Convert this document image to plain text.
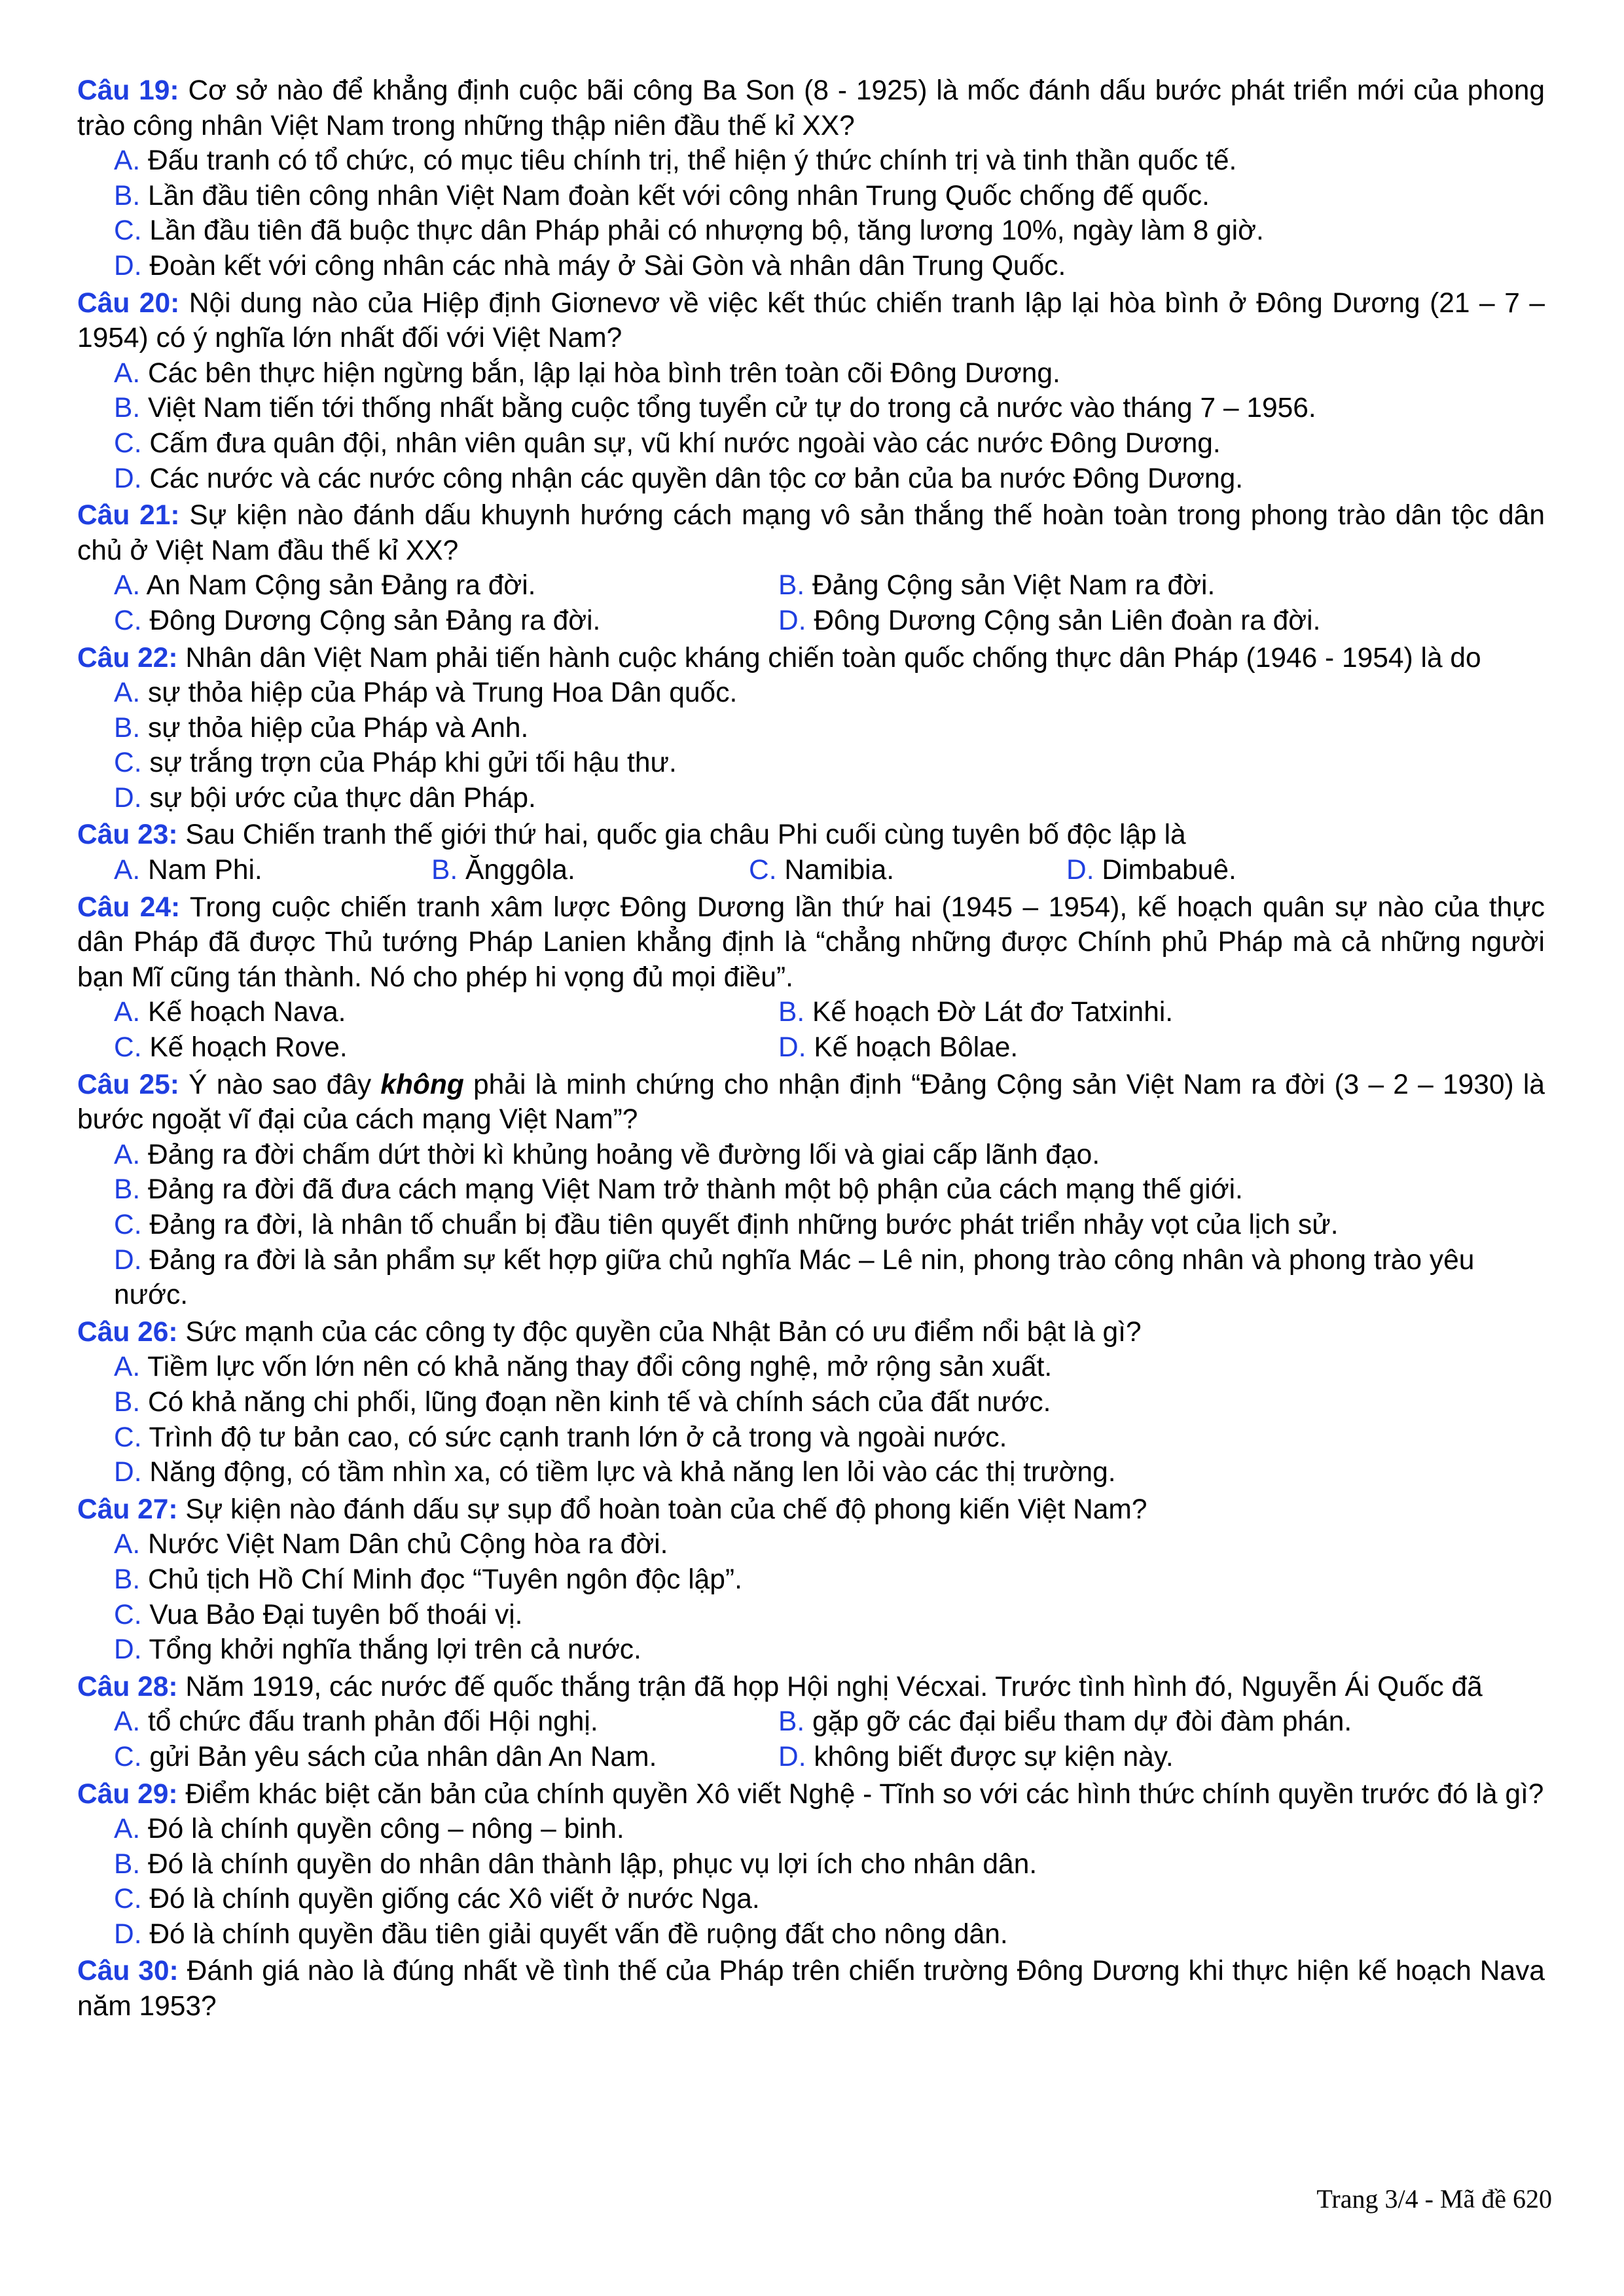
Câu 19: Cơ sở nào để khẳng định cuộc bãi công Ba Son (8 - 1925) là mốc đánh dấu bước phát triển mới của phong trào công nhân Việt Nam trong những thập niên đầu thế kỉ XX?
A. Đấu tranh có tổ chức, có mục tiêu chính trị, thể hiện ý thức chính trị và tinh thần quốc tế.
B. Lần đầu tiên công nhân Việt Nam đoàn kết với công nhân Trung Quốc chống đế quốc.
C. Lần đầu tiên đã buộc thực dân Pháp phải có nhượng bộ, tăng lương 10%, ngày làm 8 giờ.
D. Đoàn kết với công nhân các nhà máy ở Sài Gòn và nhân dân Trung Quốc.
Câu 20: Nội dung nào của Hiệp định Giơnevơ về việc kết thúc chiến tranh lập lại hòa bình ở Đông Dương (21 – 7 – 1954) có ý nghĩa lớn nhất đối với Việt Nam?
A. Các bên thực hiện ngừng bắn, lập lại hòa bình trên toàn cõi Đông Dương.
B. Việt Nam tiến tới thống nhất bằng cuộc tổng tuyển cử tự do trong cả nước vào tháng 7 – 1956.
C. Cấm đưa quân đội, nhân viên quân sự, vũ khí nước ngoài vào các nước Đông Dương.
D. Các nước và các nước công nhận các quyền dân tộc cơ bản của ba nước Đông Dương.
Câu 21: Sự kiện nào đánh dấu khuynh hướng cách mạng vô sản thắng thế hoàn toàn trong phong trào dân tộc dân chủ ở Việt Nam đầu thế kỉ XX?
A. An Nam Cộng sản Đảng ra đời.	B. Đảng Cộng sản Việt Nam ra đời.
C. Đông Dương Cộng sản Đảng ra đời.	D. Đông Dương Cộng sản Liên đoàn ra đời.
Câu 22: Nhân dân Việt Nam phải tiến hành cuộc kháng chiến toàn quốc chống thực dân Pháp (1946 - 1954) là do
A. sự thỏa hiệp của Pháp và Trung Hoa Dân quốc.
B. sự thỏa hiệp của Pháp và Anh.
C. sự trắng trợn của Pháp khi gửi tối hậu thư.
D. sự bội ước của thực dân Pháp.
Câu 23: Sau Chiến tranh thế giới thứ hai, quốc gia châu Phi cuối cùng tuyên bố độc lập là
A. Nam Phi.	B. Ănggôla.	C. Namibia.	D. Dimbabuê.
Câu 24: Trong cuộc chiến tranh xâm lược Đông Dương lần thứ hai (1945 – 1954), kế hoạch quân sự nào của thực dân Pháp đã được Thủ tướng Pháp Lanien khẳng định là “chẳng những được Chính phủ Pháp mà cả những người bạn Mĩ cũng tán thành. Nó cho phép hi vọng đủ mọi điều”.
A. Kế hoạch Nava.	B. Kế hoạch Đờ Lát đơ Tatxinhi.
C. Kế hoạch Rove.	D. Kế hoạch Bôlae.
Câu 25: Ý nào sao đây không phải là minh chứng cho nhận định “Đảng Cộng sản Việt Nam ra đời (3 – 2 – 1930) là bước ngoặt vĩ đại của cách mạng Việt Nam”?
A. Đảng ra đời chấm dứt thời kì khủng hoảng về đường lối và giai cấp lãnh đạo.
B. Đảng ra đời đã đưa cách mạng Việt Nam trở thành một bộ phận của cách mạng thế giới.
C. Đảng ra đời, là nhân tố chuẩn bị đầu tiên quyết định những bước phát triển nhảy vọt của lịch sử.
D. Đảng ra đời là sản phẩm sự kết hợp giữa chủ nghĩa Mác – Lê nin, phong trào công nhân và phong trào yêu nước.
Câu 26: Sức mạnh của các công ty độc quyền của Nhật Bản có ưu điểm nổi bật là gì?
A. Tiềm lực vốn lớn nên có khả năng thay đổi công nghệ, mở rộng sản xuất.
B. Có khả năng chi phối, lũng đoạn nền kinh tế và chính sách của đất nước.
C. Trình độ tư bản cao, có sức cạnh tranh lớn ở cả trong và ngoài nước.
D. Năng động, có tầm nhìn xa, có tiềm lực và khả năng len lỏi vào các thị trường.
Câu 27: Sự kiện nào đánh dấu sự sụp đổ hoàn toàn của chế độ phong kiến Việt Nam?
A. Nước Việt Nam Dân chủ Cộng hòa ra đời.
B. Chủ tịch Hồ Chí Minh đọc “Tuyên ngôn độc lập”.
C. Vua Bảo Đại tuyên bố thoái vị.
D. Tổng khởi nghĩa thắng lợi trên cả nước.
Câu 28: Năm 1919, các nước đế quốc thắng trận đã họp Hội nghị Vécxai. Trước tình hình đó, Nguyễn Ái Quốc đã
A. tổ chức đấu tranh phản đối Hội nghị.	B. gặp gỡ các đại biểu tham dự đòi đàm phán.
C. gửi Bản yêu sách của nhân dân An Nam.	D. không biết được sự kiện này.
Câu 29: Điểm khác biệt căn bản của chính quyền Xô viết Nghệ - Tĩnh so với các hình thức chính quyền trước đó là gì?
A. Đó là chính quyền công – nông – binh.
B. Đó là chính quyền do nhân dân thành lập, phục vụ lợi ích cho nhân dân.
C. Đó là chính quyền giống các Xô viết ở nước Nga.
D. Đó là chính quyền đầu tiên giải quyết vấn đề ruộng đất cho nông dân.
Câu 30: Đánh giá nào là đúng nhất về tình thế của Pháp trên chiến trường Đông Dương khi thực hiện kế hoạch Nava năm 1953?
Trang 3/4 - Mã đề 620
